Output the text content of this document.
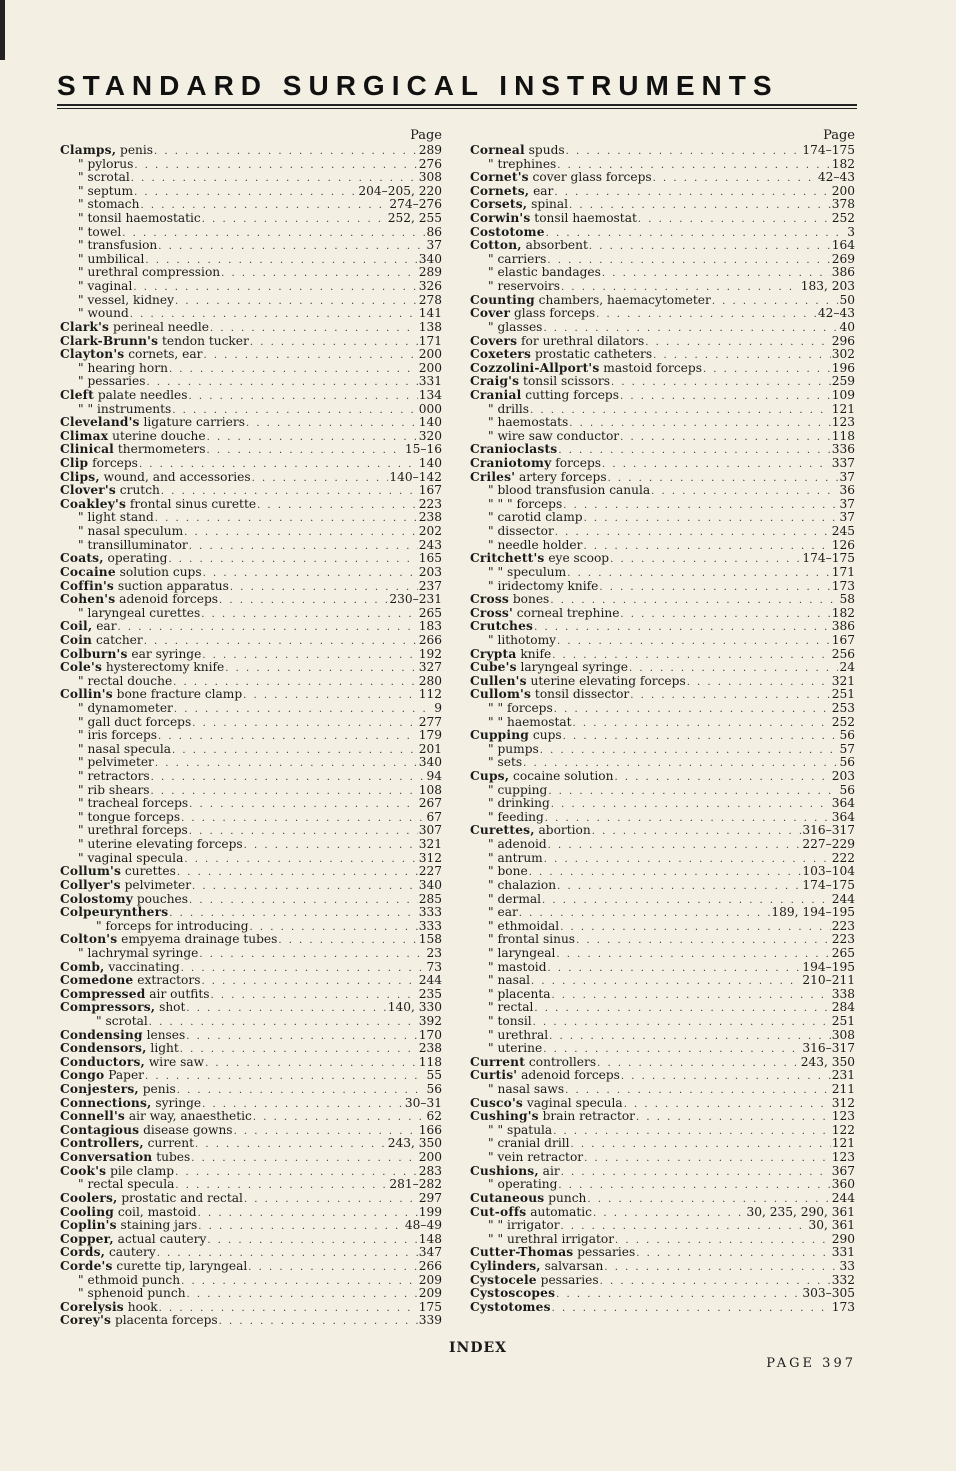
STANDARD SURGICAL INSTRUMENTS
Page
Clamps, penis . . .	289
" pylorus . . .	276
" scrotal . . .	308
" septum . . .	204–205, 220
" stomach . . .	274–276
" tonsil haemostatic . . .	252, 255
" towel . . .	86
" transfusion . . .	37
" umbilical . . .	340
" urethral compression . . .	289
" vaginal . . .	326
" vessel, kidney . . .	278
" wound . . .	141
Clark's perineal needle . . .	138
Clark-Brunn's tendon tucker . . .	171
Clayton's cornets, ear . . .	200
" hearing horn . . .	200
" pessaries . . .	331
Cleft palate needles . . .	134
" " instruments . . .	000
Cleveland's ligature carriers . . .	140
Climax uterine douche . . .	320
Clinical thermometers . . .	15–16
Clip forceps . . .	140
Clips, wound, and accessories . . .	140–142
Clover's crutch . . .	167
Coakley's frontal sinus curette . . .	223
" light stand . . .	238
" nasal speculum . . .	202
" transilluminator . . .	243
Coats, operating . . .	165
Cocaine solution cups . . .	203
Coffin's suction apparatus . . .	237
Cohen's adenoid forceps . . .	230–231
" laryngeal curettes . . .	265
Coil, ear . . .	183
Coin catcher . . .	266
Colburn's ear syringe . . .	192
Cole's hysterectomy knife . . .	327
" rectal douche . . .	280
Collin's bone fracture clamp . . .	112
" dynamometer . . .	9
" gall duct forceps . . .	277
" iris forceps . . .	179
" nasal specula . . .	201
" pelvimeter . . .	340
" retractors . . .	94
" rib shears . . .	108
" tracheal forceps . . .	267
" tongue forceps . . .	67
" urethral forceps . . .	307
" uterine elevating forceps . . .	321
" vaginal specula . . .	312
Collum's curettes . . .	227
Collyer's pelvimeter . . .	340
Colostomy pouches . . .	285
Colpeurynthers . . .	333
" forceps for introducing . . .	333
Colton's empyema drainage tubes . . .	158
" lachrymal syringe . . .	23
Comb, vaccinating . . .	73
Comedone extractors . . .	244
Compressed air outfits . . .	235
Compressors, shot . . .	140, 330
" scrotal . . .	392
Condensing lenses . . .	170
Condensors, light . . .	238
Conductors, wire saw . . .	118
Congo Paper . . .	55
Conjesters, penis . . .	56
Connections, syringe . . .	30–31
Connell's air way, anaesthetic . . .	62
Contagious disease gowns . . .	166
Controllers, current . . .	243, 350
Conversation tubes . . .	200
Cook's pile clamp . . .	283
" rectal specula . . .	281–282
Coolers, prostatic and rectal . . .	297
Cooling coil, mastoid . . .	199
Coplin's staining jars . . .	48–49
Copper, actual cautery . . .	148
Cords, cautery . . .	347
Corde's curette tip, laryngeal . . .	266
" ethmoid punch . . .	209
" sphenoid punch . . .	209
Corelysis hook . . .	175
Corey's placenta forceps . . .	339
Page
Corneal spuds . . .	174–175
" trephines . . .	182
Cornet's cover glass forceps . . .	42–43
Cornets, ear . . .	200
Corsets, spinal . . .	378
Corwin's tonsil haemostat . . .	252
Costotome . . .	3
Cotton, absorbent . . .	164
" carriers . . .	269
" elastic bandages . . .	386
" reservoirs . . .	183, 203
Counting chambers, haemacytometer . . .	50
Cover glass forceps . . .	42–43
" glasses . . .	40
Covers for urethral dilators . . .	296
Coxeters prostatic catheters . . .	302
Cozzolini-Allport's mastoid forceps . . .	196
Craig's tonsil scissors . . .	259
Cranial cutting forceps . . .	109
" drills . . .	121
" haemostats . . .	123
" wire saw conductor . . .	118
Cranioclasts . . .	336
Craniotomy forceps . . .	337
Criles' artery forceps . . .	37
" blood transfusion canula . . .	36
" " " forceps . . .	37
" carotid clamp . . .	37
" dissector . . .	245
" needle holder . . .	126
Critchett's eye scoop . . .	174–175
" " speculum . . .	171
" iridectomy knife . . .	173
Cross bones . . .	58
Cross' corneal trephine . . .	182
Crutches . . .	386
" lithotomy . . .	167
Crypta knife . . .	256
Cube's laryngeal syringe . . .	24
Cullen's uterine elevating forceps . . .	321
Cullom's tonsil dissector . . .	251
" " forceps . . .	253
" " haemostat . . .	252
Cupping cups . . .	56
" pumps . . .	57
" sets . . .	56
Cups, cocaine solution . . .	203
" cupping . . .	56
" drinking . . .	364
" feeding . . .	364
Curettes, abortion . . .	316–317
" adenoid . . .	227–229
" antrum . . .	222
" bone . . .	103–104
" chalazion . . .	174–175
" dermal . . .	244
" ear . . .	189, 194–195
" ethmoidal . . .	223
" frontal sinus . . .	223
" laryngeal . . .	265
" mastoid . . .	194–195
" nasal . . .	210–211
" placenta . . .	338
" rectal . . .	284
" tonsil . . .	251
" urethral . . .	308
" uterine . . .	316–317
Current controllers . . .	243, 350
Curtis' adenoid forceps . . .	231
" nasal saws . . .	211
Cusco's vaginal specula . . .	312
Cushing's brain retractor . . .	123
" " spatula . . .	122
" cranial drill . . .	121
" vein retractor . . .	123
Cushions, air . . .	367
" operating . . .	360
Cutaneous punch . . .	244
Cut-offs automatic . . .	30, 235, 290, 361
" " irrigator . . .	30, 361
" " urethral irrigator . . .	290
Cutter-Thomas pessaries . . .	331
Cylinders, salvarsan . . .	33
Cystocele pessaries . . .	332
Cystoscopes . . .	303–305
Cystotomes . . .	173
INDEX
PAGE 397
